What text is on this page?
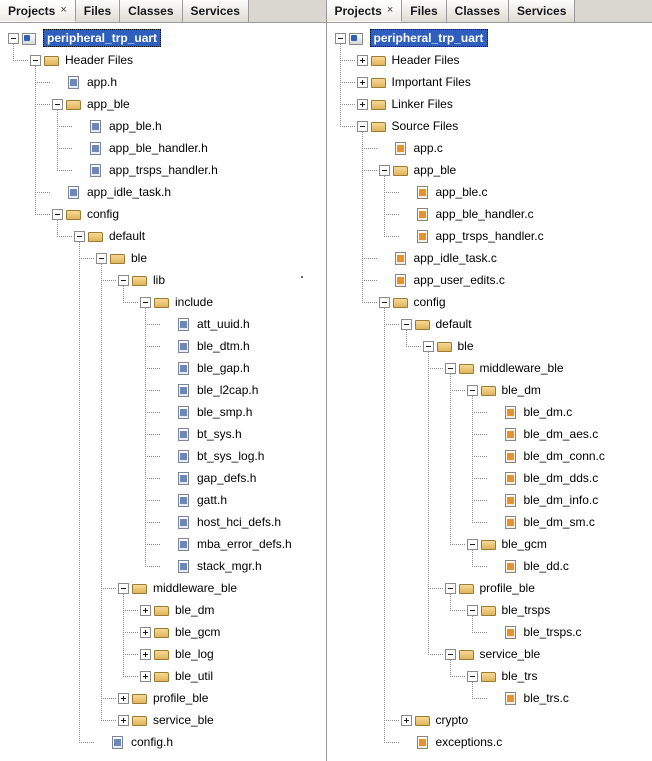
Projects × Files Classes Services
peripheral_trp_uart
Header Files
app.h
app_ble
app_ble.h
app_ble_handler.h
app_trsps_handler.h
app_idle_task.h
config
default
ble
lib
include
att_uuid.h
ble_dtm.h
ble_gap.h
ble_l2cap.h
ble_smp.h
bt_sys.h
bt_sys_log.h
gap_defs.h
gatt.h
host_hci_defs.h
mba_error_defs.h
stack_mgr.h
middleware_ble
ble_dm
ble_gcm
ble_log
ble_util
profile_ble
service_ble
config.h
Projects × Files Classes Services
peripheral_trp_uart
Header Files
Important Files
Linker Files
Source Files
app.c
app_ble
app_ble.c
app_ble_handler.c
app_trsps_handler.c
app_idle_task.c
app_user_edits.c
config
default
ble
middleware_ble
ble_dm
ble_dm.c
ble_dm_aes.c
ble_dm_conn.c
ble_dm_dds.c
ble_dm_info.c
ble_dm_sm.c
ble_gcm
ble_dd.c
profile_ble
ble_trsps
ble_trsps.c
service_ble
ble_trs
ble_trs.c
crypto
exceptions.c
